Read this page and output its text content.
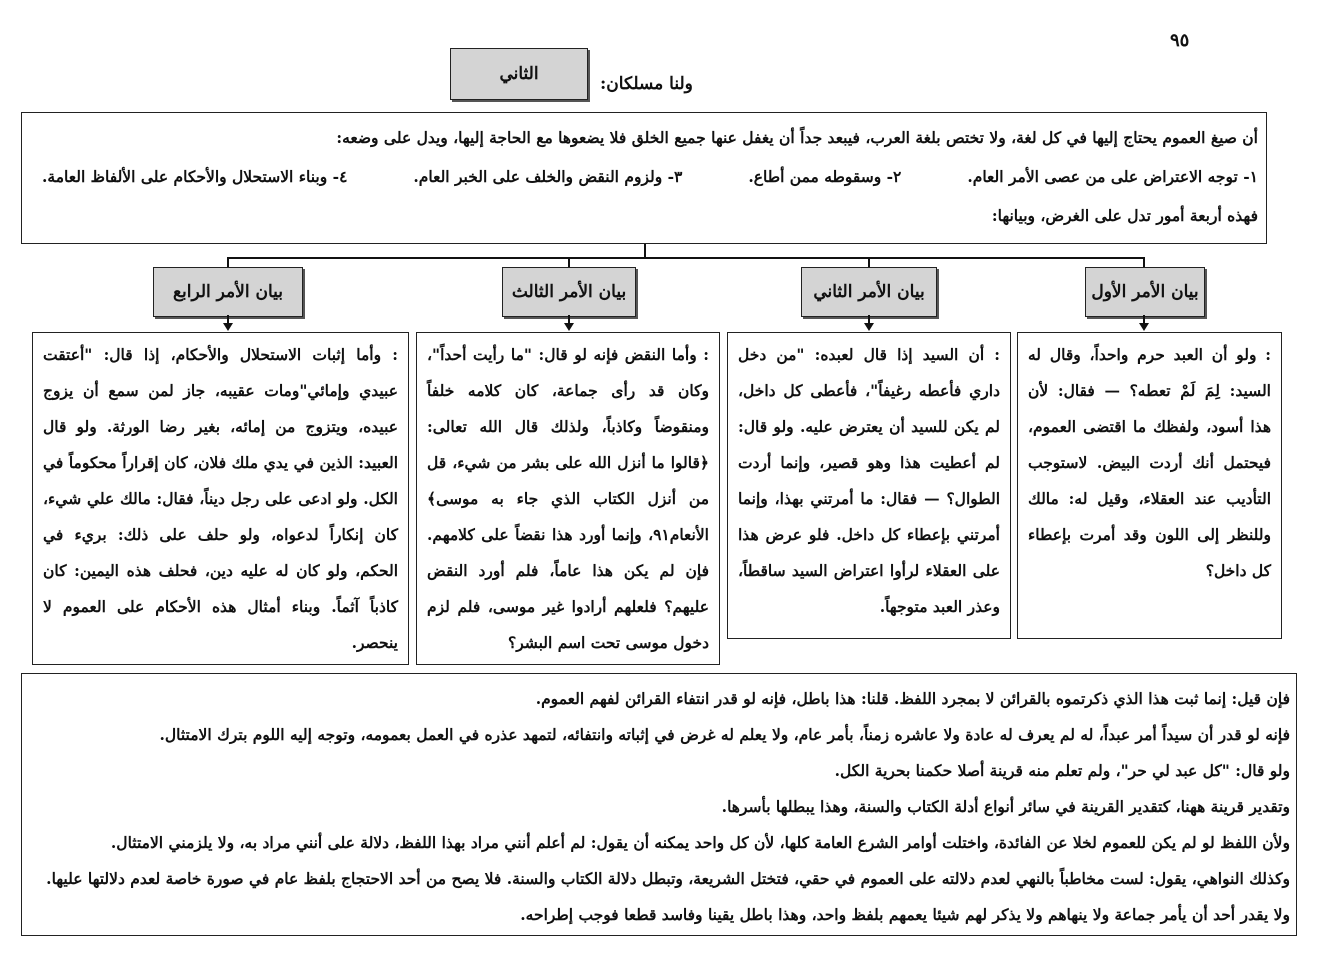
٩٥
ولنا مسلكان:
الثاني
أن صيغ العموم يحتاج إليها في كل لغة، ولا تختص بلغة العرب، فيبعد جداً أن يغفل عنها جميع الخلق فلا يضعوها مع الحاجة إليها، ويدل على وضعه:
١- توجه الاعتراض على من عصى الأمر العام.
٢- وسقوطه ممن أطاع.
٣- ولزوم النقض والخلف على الخبر العام.
٤- وبناء الاستحلال والأحكام على الألفاظ العامة.
فهذه أربعة أمور تدل على الغرض، وبيانها:
بيان الأمر الأول
بيان الأمر الثاني
بيان الأمر الثالث
بيان الأمر الرابع
: ولو أن العبد حرم واحداً، وقال له السيد: لِمَ لَمْ تعطه؟ — فقال: لأن هذا أسود، ولفظك ما اقتضى العموم، فيحتمل أنك أردت البيض. لاستوجب التأديب عند العقلاء، وقيل له: مالك وللنظر إلى اللون وقد أمرت بإعطاء كل داخل؟
: أن السيد إذا قال لعبده: "من دخل داري فأعطه رغيفاً"، فأعطى كل داخل، لم يكن للسيد أن يعترض عليه. ولو قال: لم أعطيت هذا وهو قصير، وإنما أردت الطوال؟ — فقال: ما أمرتني بهذا، وإنما أمرتني بإعطاء كل داخل. فلو عرض هذا على العقلاء لرأوا اعتراض السيد ساقطاً، وعذر العبد متوجهاً.
: وأما النقض فإنه لو قال: "ما رأيت أحداً"، وكان قد رأى جماعة، كان كلامه خلفاً ومنقوضاً وكاذباً، ولذلك قال الله تعالى: ﴿قالوا ما أنزل الله على بشر من شيء، قل من أنزل الكتاب الذي جاء به موسى﴾ الأنعام٩١، وإنما أورد هذا نقضاً على كلامهم. فإن لم يكن هذا عاماً، فلم أورد النقض عليهم؟ فلعلهم أرادوا غير موسى، فلم لزم دخول موسى تحت اسم البشر؟
: وأما إثبات الاستحلال والأحكام، إذا قال: "أعتقت عبيدي وإمائي"ومات عقيبه، جاز لمن سمع أن يزوج عبيده، ويتزوج من إمائه، بغير رضا الورثة. ولو قال العبيد: الذين في يدي ملك فلان، كان إقراراً محكوماً في الكل. ولو ادعى على رجل ديناً، فقال: مالك علي شيء، كان إنكاراً لدعواه، ولو حلف على ذلك: بريء في الحكم، ولو كان له عليه دين، فحلف هذه اليمين: كان كاذباً آثماً. وبناء أمثال هذه الأحكام على العموم لا ينحصر.
فإن قيل: إنما ثبت هذا الذي ذكرتموه بالقرائن لا بمجرد اللفظ. قلنا: هذا باطل، فإنه لو قدر انتفاء القرائن لفهم العموم.
فإنه لو قدر أن سيداً أمر عبداً، له لم يعرف له عادة ولا عاشره زمناً، بأمر عام، ولا يعلم له غرض في إثباته وانتفائه، لتمهد عذره في العمل بعمومه، وتوجه إليه اللوم بترك الامتثال.
ولو قال: "كل عبد لي حر"، ولم تعلم منه قرينة أصلا حكمنا بحرية الكل.
وتقدير قرينة ههنا، كتقدير القرينة في سائر أنواع أدلة الكتاب والسنة، وهذا يبطلها بأسرها.
ولأن اللفظ لو لم يكن للعموم لخلا عن الفائدة، واختلت أوامر الشرع العامة كلها، لأن كل واحد يمكنه أن يقول: لم أعلم أنني مراد بهذا اللفظ، دلالة على أنني مراد به، ولا يلزمني الامتثال.
وكذلك النواهي، يقول: لست مخاطباً بالنهي لعدم دلالته على العموم في حقي، فتختل الشريعة، وتبطل دلالة الكتاب والسنة. فلا يصح من أحد الاحتجاج بلفظ عام في صورة خاصة لعدم دلالتها عليها.
ولا يقدر أحد أن يأمر جماعة ولا ينهاهم ولا يذكر لهم شيئا يعمهم بلفظ واحد، وهذا باطل يقينا وفاسد قطعا فوجب إطراحه.
